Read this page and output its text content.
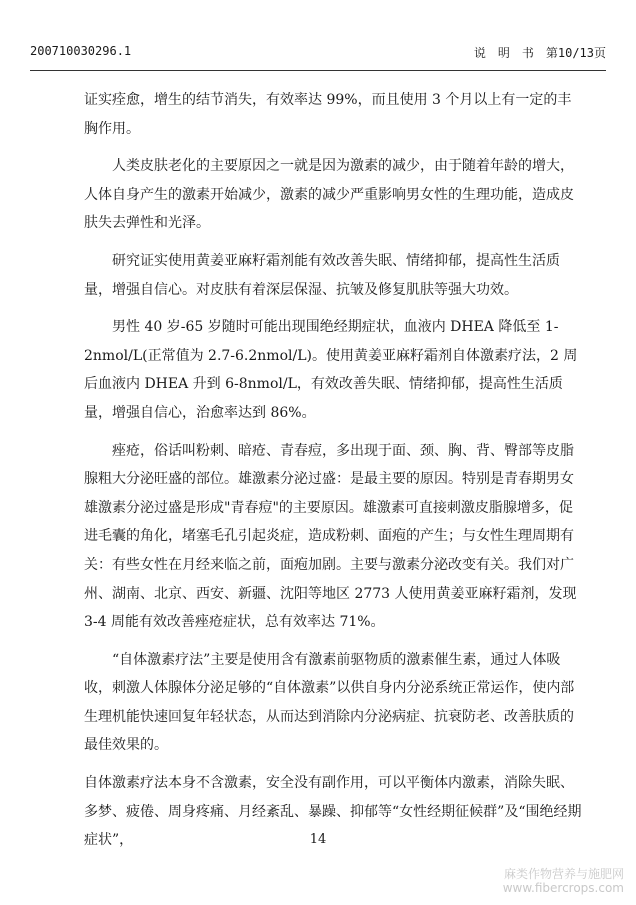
200710030296.1	说　明　书　第10/13页

证实痊愈，增生的结节消失，有效率达 99%，而且使用 3 个月以上有一定的丰胸作用。

人类皮肤老化的主要原因之一就是因为激素的减少，由于随着年龄的增大，人体自身产生的激素开始减少，激素的减少严重影响男女性的生理功能，造成皮肤失去弹性和光泽。

研究证实使用黄姜亚麻籽霜剂能有效改善失眠、情绪抑郁，提高性生活质量，增强自信心。对皮肤有着深层保湿、抗皱及修复肌肤等强大功效。

男性 40 岁-65 岁随时可能出现围绝经期症状，血液内 DHEA 降低至 1-2nmol/L(正常值为 2.7-6.2nmol/L)。使用黄姜亚麻籽霜剂自体激素疗法，2 周后血液内 DHEA 升到 6-8nmol/L，有效改善失眠、情绪抑郁，提高性生活质量，增强自信心，治愈率达到 86%。

痤疮，俗话叫粉刺、暗疮、青春痘，多出现于面、颈、胸、背、臀部等皮脂腺粗大分泌旺盛的部位。雄激素分泌过盛：是最主要的原因。特别是青春期男女雄激素分泌过盛是形成"青春痘"的主要原因。雄激素可直接刺激皮脂腺增多，促进毛囊的角化，堵塞毛孔引起炎症，造成粉刺、面疱的产生；与女性生理周期有关：有些女性在月经来临之前，面疱加剧。主要与激素分泌改变有关。我们对广州、湖南、北京、西安、新疆、沈阳等地区 2773 人使用黄姜亚麻籽霜剂，发现 3-4 周能有效改善痤疮症状，总有效率达 71%。

“自体激素疗法”主要是使用含有激素前驱物质的激素催生素，通过人体吸收，刺激人体腺体分泌足够的“自体激素”以供自身内分泌系统正常运作，使内部生理机能快速回复年轻状态，从而达到消除内分泌病症、抗衰防老、改善肤质的最佳效果的。

自体激素疗法本身不含激素，安全没有副作用，可以平衡体内激素，消除失眠、多梦、疲倦、周身疼痛、月经紊乱、暴躁、抑郁等“女性经期征候群”及“围绝经期症状”，	14
麻类作物营养与施肥网
www.fibercrops.com
